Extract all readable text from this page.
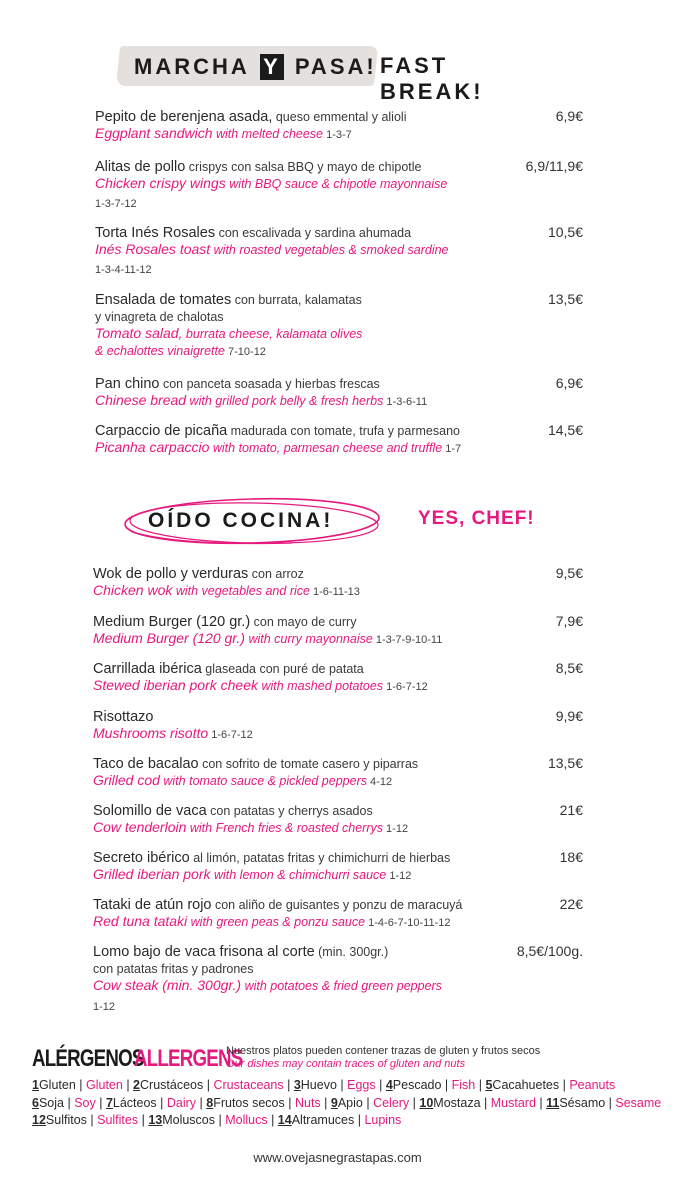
MARCHA Y PASA! FAST BREAK!
Pepito de berenjena asada, queso emmental y alioli
Eggplant sandwich with melted cheese 1-3-7
6,9€
Alitas de pollo crispys con salsa BBQ y mayo de chipotle
Chicken crispy wings with BBQ sauce & chipotle mayonnaise
1-3-7-12
6,9/11,9€
Torta Inés Rosales con escalivada y sardina ahumada
Inés Rosales toast with roasted vegetables & smoked sardine
1-3-4-11-12
10,5€
Ensalada de tomates con burrata, kalamatas
y vinagreta de chalotas
Tomato salad, burrata cheese, kalamata olives
& echalottes vinaigrette 7-10-12
13,5€
Pan chino con panceta soasada y hierbas frescas
Chinese bread with grilled pork belly & fresh herbs 1-3-6-11
6,9€
Carpaccio de picaña madurada con tomate, trufa y parmesano
Picanha carpaccio with tomato, parmesan cheese and truffle 1-7
14,5€
OÍDO COCINA!	YES, CHEF!
Wok de pollo y verduras con arroz
Chicken wok with vegetables and rice 1-6-11-13
9,5€
Medium Burger (120 gr.) con mayo de curry
Medium Burger (120 gr.) with curry mayonnaise 1-3-7-9-10-11
7,9€
Carrillada ibérica glaseada con puré de patata
Stewed iberian pork cheek with mashed potatoes 1-6-7-12
8,5€
Risottazo
Mushrooms risotto 1-6-7-12
9,9€
Taco de bacalao con sofrito de tomate casero y piparras
Grilled cod with tomato sauce & pickled peppers 4-12
13,5€
Solomillo de vaca con patatas y cherrys asados
Cow tenderloin with French fries & roasted cherrys 1-12
21€
Secreto ibérico al limón, patatas fritas y chimichurri de hierbas
Grilled iberian pork with lemon & chimichurri sauce 1-12
18€
Tataki de atún rojo con aliño de guisantes y ponzu de maracuyá
Red tuna tataki with green peas & ponzu sauce 1-4-6-7-10-11-12
22€
Lomo bajo de vaca frisona al corte (min. 300gr.)
con patatas fritas y padrones
Cow steak (min. 300gr.) with potatoes & fried green peppers
1-12
8,5€/100g.
ALÉRGENOS
ALLERGENS
Nuestros platos pueden contener trazas de gluten y frutos secos
Our dishes may contain traces of gluten and nuts
1Gluten | Gluten | 2Crustáceos | Crustaceans | 3Huevo | Eggs | 4Pescado | Fish | 5Cacahuetes | Peanuts
6Soja | Soy | 7Lácteos | Dairy | 8Frutos secos | Nuts | 9Apio | Celery | 10Mostaza | Mustard | 11Sésamo | Sesame
12Sulfitos | Sulfites | 13Moluscos | Mollucs | 14Altramuces | Lupins
www.ovejasnegrastapas.com
